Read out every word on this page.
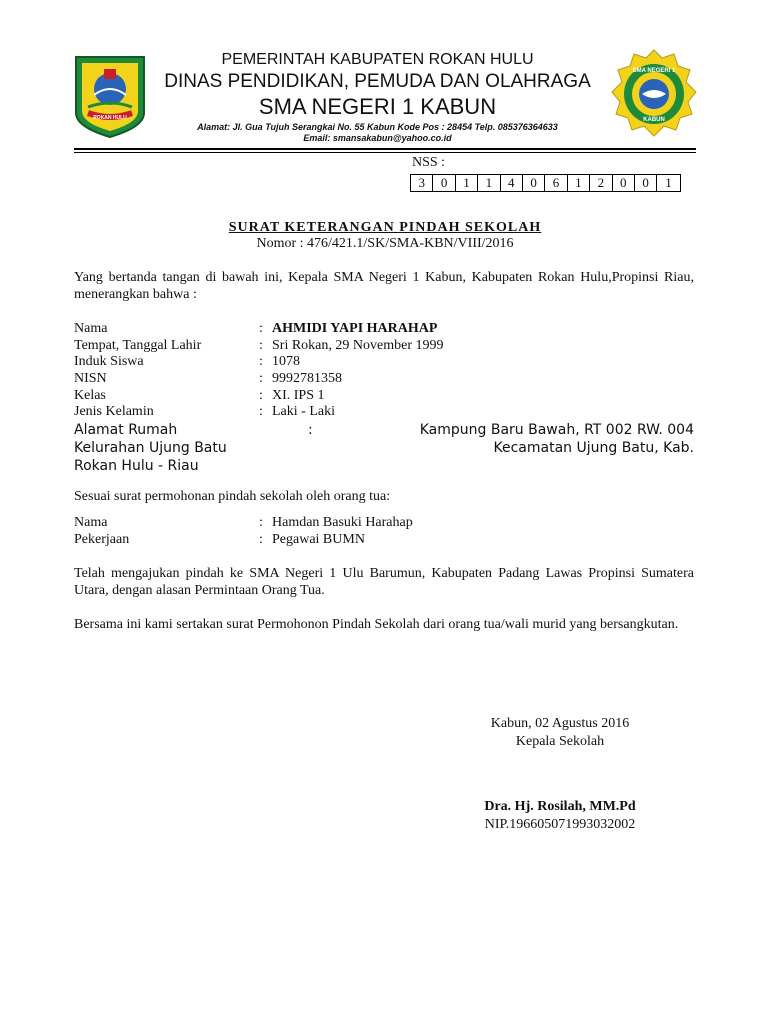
ROKAN HULU
SMA NEGERI 1
KABUN
PEMERINTAH KABUPATEN ROKAN HULU
DINAS PENDIDIKAN, PEMUDA DAN OLAHRAGA
SMA NEGERI 1 KABUN
Alamat: Jl. Gua Tujuh Serangkai No. 55 Kabun Kode Pos : 28454 Telp. 085376364633
Email: smansakabun@yahoo.co.id
NSS :
3	0	1	1	4	0	6	1	2	0	0	1
SURAT KETERANGAN PINDAH SEKOLAH
Nomor : 476/421.1/SK/SMA-KBN/VIII/2016
Yang bertanda tangan di bawah ini, Kepala SMA Negeri 1 Kabun, Kabupaten Rokan Hulu,Propinsi Riau, menerangkan bahwa :
Nama	: AHMIDI YAPI HARAHAP
Tempat, Tanggal Lahir	: Sri Rokan, 29 November 1999
Induk Siswa	: 1078
NISN	: 9992781358
Kelas	: XI. IPS 1
Jenis Kelamin	: Laki - Laki
Alamat Rumah	:	Kampung Baru Bawah, RT 002 RW. 004
Kelurahan Ujung Batu	Kecamatan Ujung Batu, Kab.
Rokan Hulu - Riau
Sesuai surat permohonan pindah sekolah oleh orang tua:
Nama	: Hamdan Basuki Harahap
Pekerjaan	: Pegawai BUMN
Telah mengajukan pindah ke SMA Negeri 1 Ulu Barumun, Kabupaten Padang Lawas Propinsi Sumatera Utara, dengan alasan Permintaan Orang Tua.
Bersama ini kami sertakan surat Permohonon Pindah Sekolah dari orang tua/wali murid yang bersangkutan.
Kabun, 02 Agustus 2016
Kepala Sekolah
Dra. Hj. Rosilah, MM.Pd
NIP.196605071993032002
